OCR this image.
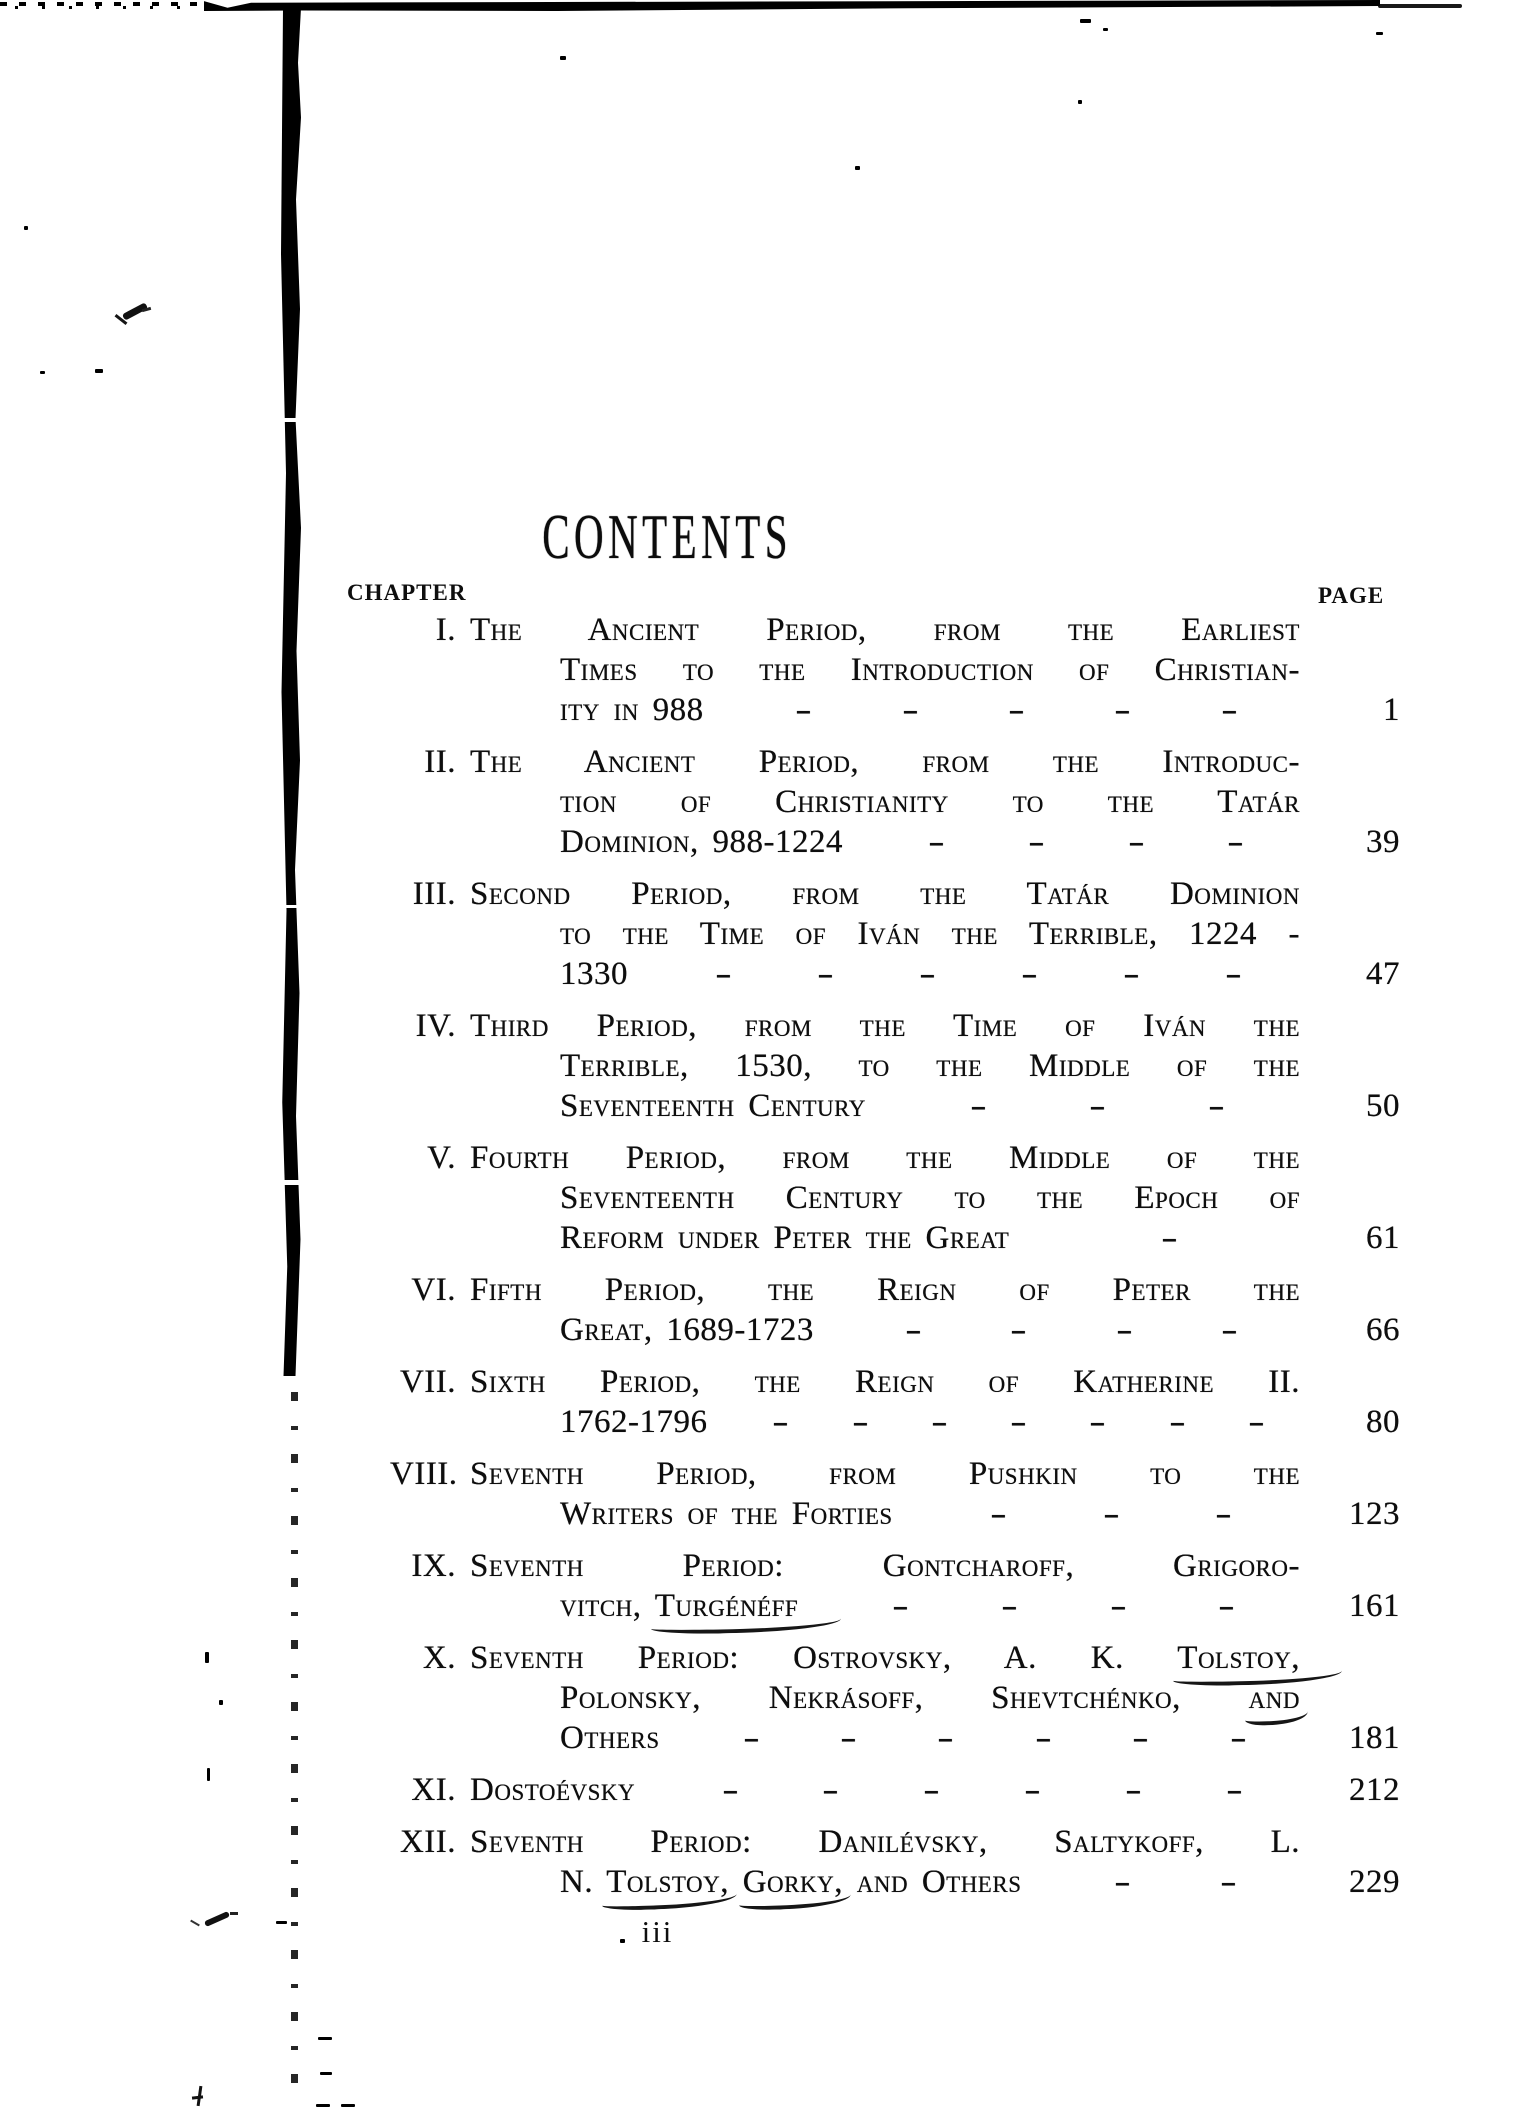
CONTENTS
CHAPTER	PAGE
I. The Ancient Period, from the Earliest
Times to the Introduction of Christian-
ity in 988	-	-	-	-	-	1
II. The Ancient Period, from the Introduc-
tion of Christianity to the Tatár
Dominion, 988-1224	- - - -	39
III. Second Period, from the Tatár Dominion
to the Time of Iván the Terrible, 1224 -
1330	-	-	-	-	-	-	47
IV. Third Period, from the Time of Iván the
Terrible, 1530, to the Middle of the
Seventeenth Century	-	-	-	50
V. Fourth Period, from the Middle of the
Seventeenth Century to the Epoch of
Reform under Peter the Great	-	61
VI. Fifth Period, the Reign of Peter the
Great, 1689-1723	-	-	-	-	66
VII. Sixth Period, the Reign of Katherine II.
1762-1796 - - - - - - -	80
VIII. Seventh Period, from Pushkin to the
Writers of the Forties	-	-	-	123
IX. Seventh Period: Gontcharoff, Grigoro-
vitch, Turgénéff	-	-	-	-	161
X. Seventh Period: Ostrovsky, A. K. Tolstoy,
Polonsky, Nekrásoff, Shevtchénko, and
Others	- - - - - -	181
XI. Dostoévsky	-	-	-	-	-	-	212
XII. Seventh Period: Danilévsky, Saltykoff, L.
N. Tolstoy, Gorky, and Others	-	-	229
iii
